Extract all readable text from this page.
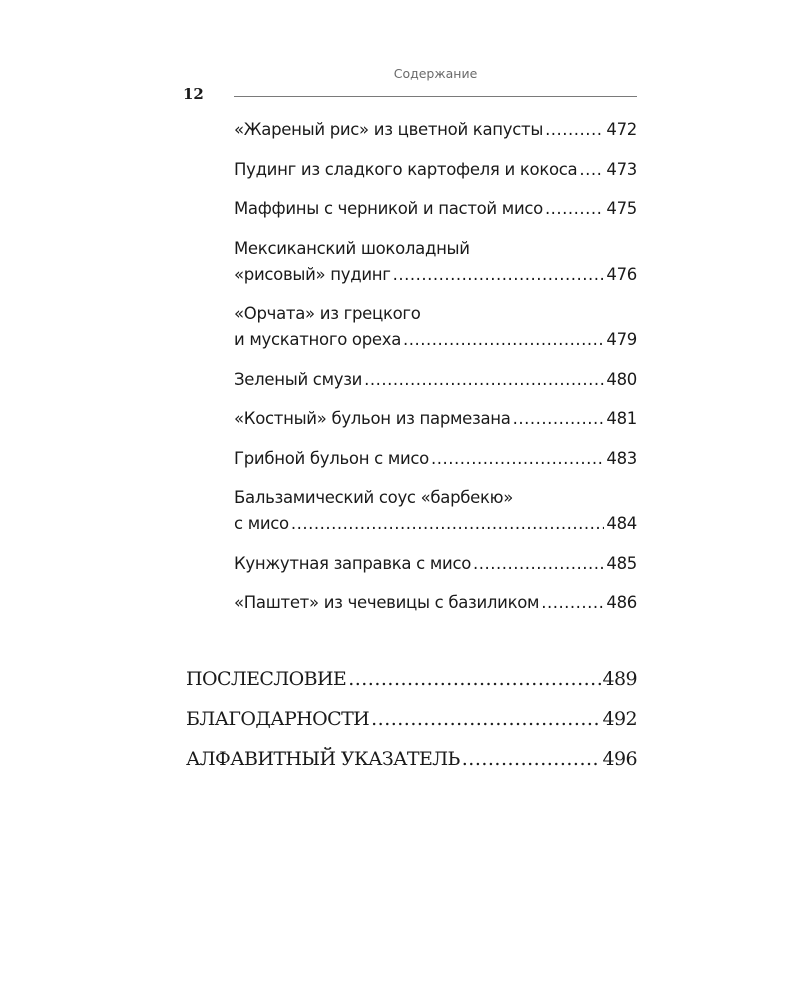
Содержание
12
«Жареный рис» из цветной капусты .....	472
Пудинг из сладкого картофеля и кокоса ..... 473
Маффины с черникой и пастой мисо .....	475
Мексиканский шоколадный
«рисовый» пудинг .....	476
«Орчата» из грецкого
и мускатного ореха .....	479
Зеленый смузи .....	480
«Костный» бульон из пармезана .....	481
Грибной бульон с мисо .....	483
Бальзамический соус «барбекю»
с мисо .....	484
Кунжутная заправка с мисо .....	485
«Паштет» из чечевицы с базиликом .....	486
ПОСЛЕСЛОВИЕ .....	489
БЛАГОДАРНОСТИ .....	492
АЛФАВИТНЫЙ УКАЗАТЕЛЬ .....	496
